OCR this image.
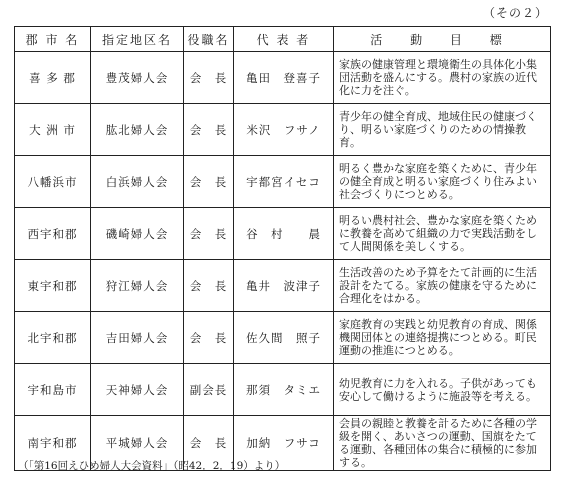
（その２）
郡 市 名	指定地区名	役職名	代 表 者	活 動 目 標
喜 多 郡	豊茂婦人会	会　長	亀田　登喜子	家族の健康管理と環境衛生の具体化小集団活動を盛んにする。農村の家族の近代化に力を注ぐ。
大 洲 市	肱北婦人会	会　長	米沢　フサノ	青少年の健全育成、地域住民の健康づくり、明るい家庭づくりのための情操教育。
八幡浜市	白浜婦人会	会　長	宇都宮イセコ	明るく豊かな家庭を築くために、青少年の健全育成と明るい家庭づくり住みよい社会づくりにつとめる。
西宇和郡	磯崎婦人会	会　長	谷　村　　晨	明るい農村社会、豊かな家庭を築くために教養を高めて組織の力で実践活動をして人間関係を美しくする。
東宇和郡	狩江婦人会	会　長	亀井　波津子	生活改善のため予算をたて計画的に生活設計をたてる。家族の健康を守るために合理化をはかる。
北宇和郡	吉田婦人会	会　長	佐久間　照子	家庭教育の実践と幼児教育の育成、関係機関団体との連絡提携につとめる。町民運動の推進につとめる。
宇和島市	天神婦人会	副会長	那須　タミエ	幼児教育に力を入れる。子供があっても安心して働けるように施設等を考える。
南宇和郡	平城婦人会	会　長	加納　フサコ	会員の親睦と教養を計るために各種の学級を開く、あいさつの運動、国旗をたてる運動、各種団体の集合に積極的に参加する。
（「第16回えひめ婦人大会資料」（昭42．2．19）より）
